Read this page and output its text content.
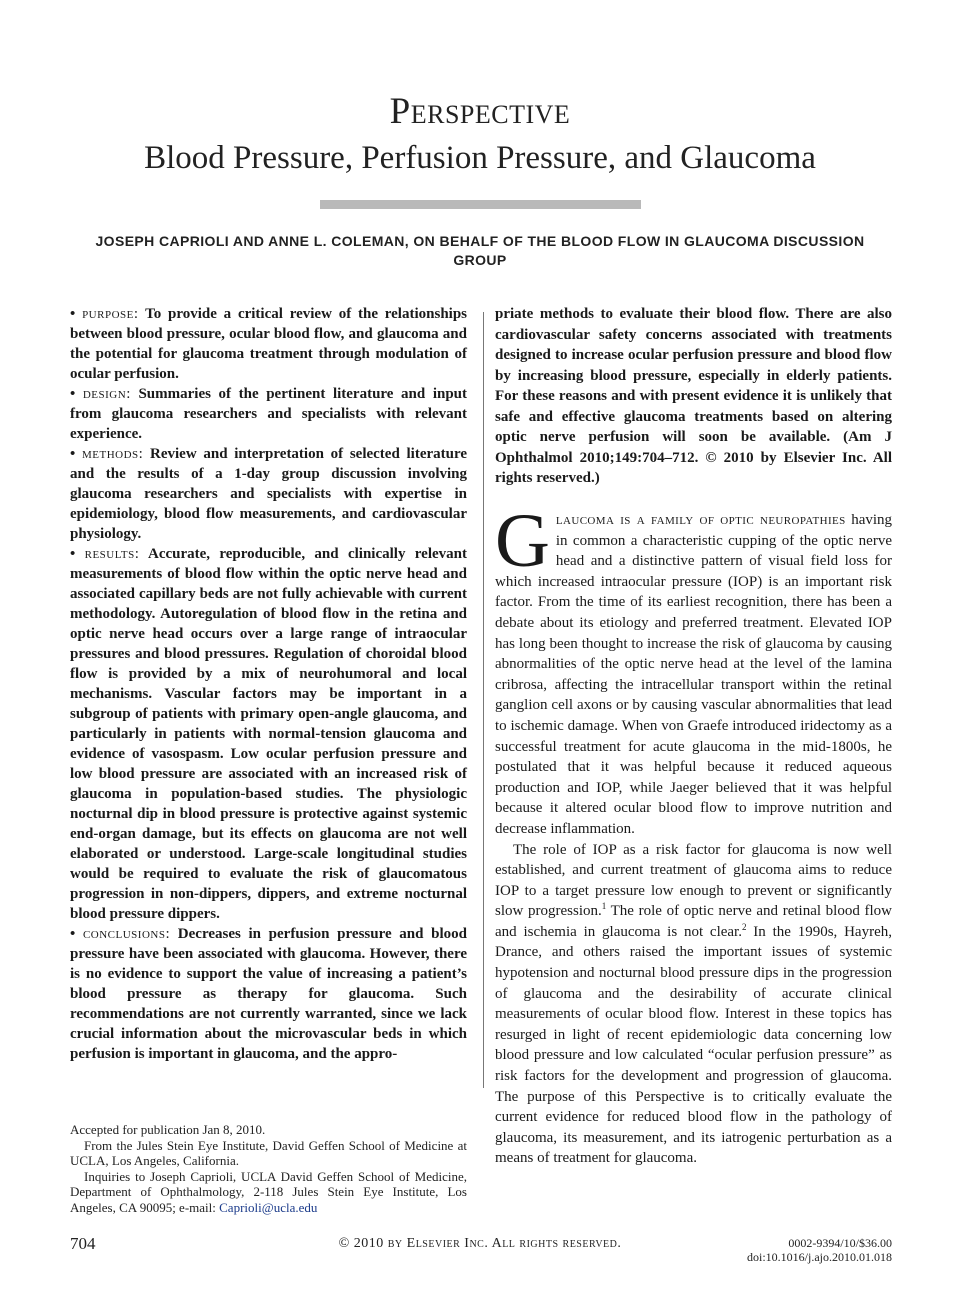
Perspective
Blood Pressure, Perfusion Pressure, and Glaucoma
JOSEPH CAPRIOLI AND ANNE L. COLEMAN, ON BEHALF OF THE BLOOD FLOW IN GLAUCOMA DISCUSSION GROUP

• purpose: To provide a critical review of the relationships between blood pressure, ocular blood flow, and glaucoma and the potential for glaucoma treatment through modulation of ocular perfusion.

• design: Summaries of the pertinent literature and input from glaucoma researchers and specialists with relevant experience.

• methods: Review and interpretation of selected literature and the results of a 1-day group discussion involving glaucoma researchers and specialists with expertise in epidemiology, blood flow measurements, and cardiovascular physiology.

• results: Accurate, reproducible, and clinically relevant measurements of blood flow within the optic nerve head and associated capillary beds are not fully achievable with current methodology. Autoregulation of blood flow in the retina and optic nerve head occurs over a large range of intraocular pressures and blood pressures. Regulation of choroidal blood flow is provided by a mix of neurohumoral and local mechanisms. Vascular factors may be important in a subgroup of patients with primary open-angle glaucoma, and particularly in patients with normal-tension glaucoma and evidence of vasospasm. Low ocular perfusion pressure and low blood pressure are associated with an increased risk of glaucoma in population-based studies. The physiologic nocturnal dip in blood pressure is protective against systemic end-organ damage, but its effects on glaucoma are not well elaborated or understood. Large-scale longitudinal studies would be required to evaluate the risk of glaucomatous progression in non-dippers, dippers, and extreme nocturnal blood pressure dippers.

• conclusions: Decreases in perfusion pressure and blood pressure have been associated with glaucoma. However, there is no evidence to support the value of increasing a patient’s blood pressure as therapy for glaucoma. Such recommendations are not currently warranted, since we lack crucial information about the microvascular beds in which perfusion is important in glaucoma, and the appro-

priate methods to evaluate their blood flow. There are also cardiovascular safety concerns associated with treatments designed to increase ocular perfusion pressure and blood flow by increasing blood pressure, especially in elderly patients. For these reasons and with present evidence it is unlikely that safe and effective glaucoma treatments based on altering optic nerve perfusion will soon be available. (Am J Ophthalmol 2010;149:704–712. © 2010 by Elsevier Inc. All rights reserved.)

Glaucoma is a family of optic neuropathies having in common a characteristic cupping of the optic nerve head and a distinctive pattern of visual field loss for which increased intraocular pressure (IOP) is an important risk factor. From the time of its earliest recognition, there has been a debate about its etiology and preferred treatment. Elevated IOP has long been thought to increase the risk of glaucoma by causing abnormalities of the optic nerve head at the level of the lamina cribrosa, affecting the intracellular transport within the retinal ganglion cell axons or by causing vascular abnormalities that lead to ischemic damage. When von Graefe introduced iridectomy as a successful treatment for acute glaucoma in the mid-1800s, he postulated that it was helpful because it reduced aqueous production and IOP, while Jaeger believed that it was helpful because it altered ocular blood flow to improve nutrition and decrease inflammation.

The role of IOP as a risk factor for glaucoma is now well established, and current treatment of glaucoma aims to reduce IOP to a target pressure low enough to prevent or significantly slow progression.$^1$ The role of optic nerve and retinal blood flow and ischemia in glaucoma is not clear.$^2$ In the 1990s, Hayreh, Drance, and others raised the important issues of systemic hypotension and nocturnal blood pressure dips in the progression of glaucoma and the desirability of accurate clinical measurements of ocular blood flow. Interest in these topics has resurged in light of recent epidemiologic data concerning low blood pressure and low calculated “ocular perfusion pressure” as risk factors for the development and progression of glaucoma. The purpose of this Perspective is to critically evaluate the current evidence for reduced blood flow in the pathology of glaucoma, its measurement, and its iatrogenic perturbation as a means of treatment for glaucoma.

Accepted for publication Jan 8, 2010.

From the Jules Stein Eye Institute, David Geffen School of Medicine at UCLA, Los Angeles, California.

Inquiries to Joseph Caprioli, UCLA David Geffen School of Medicine, Department of Ophthalmology, 2-118 Jules Stein Eye Institute, Los Angeles, CA 90095; e-mail: Caprioli@ucla.edu

704	© 2010 by Elsevier Inc. All rights reserved.	0002-9394/10/$36.00
doi:10.1016/j.ajo.2010.01.018
